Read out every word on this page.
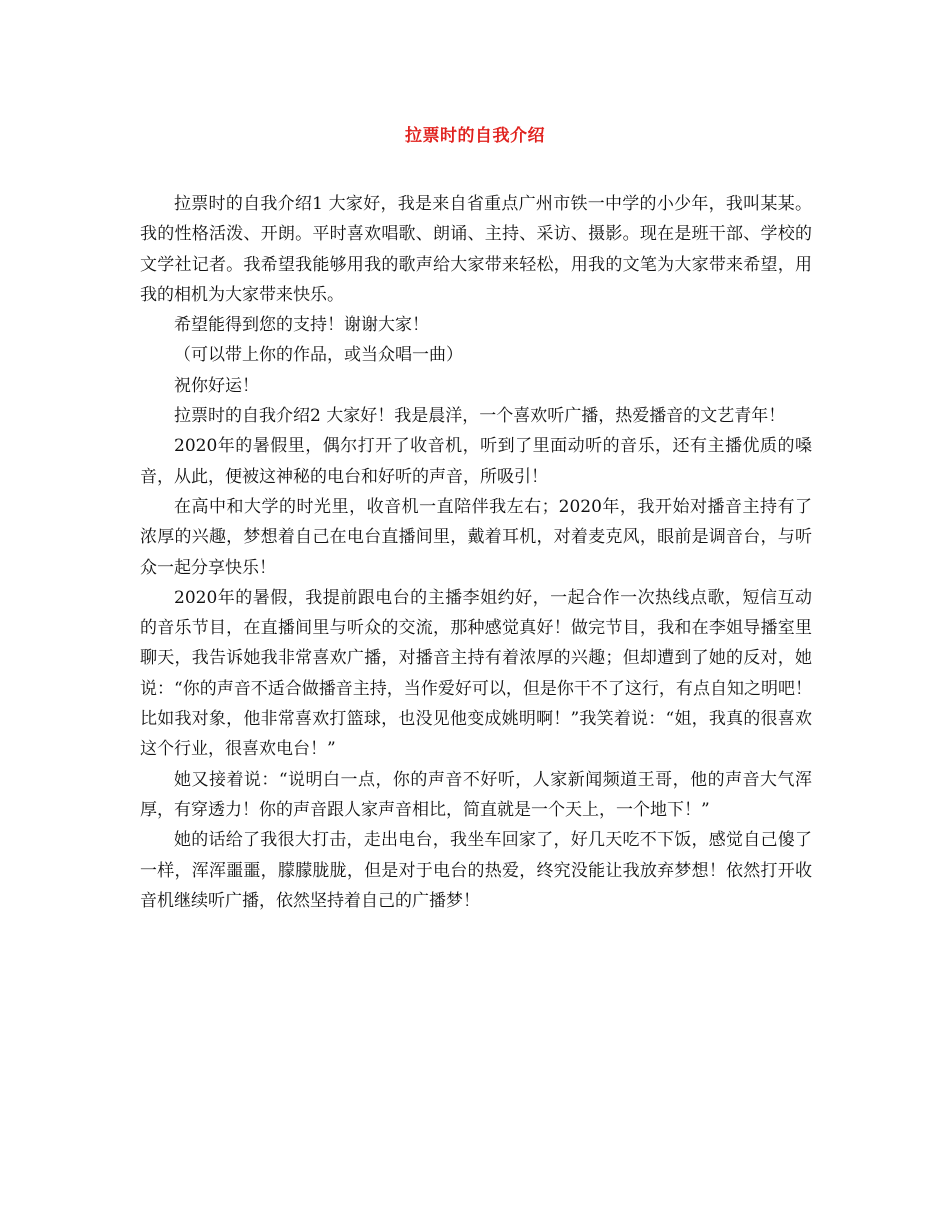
拉票时的自我介绍

拉票时的自我介绍1 大家好，我是来自省重点广州市铁一中学的小少年，我叫某某。我的性格活泼、开朗。平时喜欢唱歌、朗诵、主持、采访、摄影。现在是班干部、学校的文学社记者。我希望我能够用我的歌声给大家带来轻松，用我的文笔为大家带来希望，用我的相机为大家带来快乐。

希望能得到您的支持！谢谢大家！

（可以带上你的作品，或当众唱一曲）

祝你好运！

拉票时的自我介绍2 大家好！我是晨洋，一个喜欢听广播，热爱播音的文艺青年！

2020年的暑假里，偶尔打开了收音机，听到了里面动听的音乐，还有主播优质的嗓音，从此，便被这神秘的电台和好听的声音，所吸引！

在高中和大学的时光里，收音机一直陪伴我左右；2020年，我开始对播音主持有了浓厚的兴趣，梦想着自己在电台直播间里，戴着耳机，对着麦克风，眼前是调音台，与听众一起分享快乐！

2020年的暑假，我提前跟电台的主播李姐约好，一起合作一次热线点歌，短信互动的音乐节目，在直播间里与听众的交流，那种感觉真好！做完节目，我和在李姐导播室里聊天，我告诉她我非常喜欢广播，对播音主持有着浓厚的兴趣；但却遭到了她的反对，她说：“你的声音不适合做播音主持，当作爱好可以，但是你干不了这行，有点自知之明吧！ 比如我对象，他非常喜欢打篮球，也没见他变成姚明啊！”我笑着说：“姐，我真的很喜欢这个行业，很喜欢电台！”

她又接着说：“说明白一点，你的声音不好听，人家新闻频道王哥，他的声音大气浑厚，有穿透力！你的声音跟人家声音相比，简直就是一个天上，一个地下！”

她的话给了我很大打击，走出电台，我坐车回家了，好几天吃不下饭，感觉自己傻了一样，浑浑噩噩，朦朦胧胧，但是对于电台的热爱，终究没能让我放弃梦想！依然打开收音机继续听广播，依然坚持着自己的广播梦！
